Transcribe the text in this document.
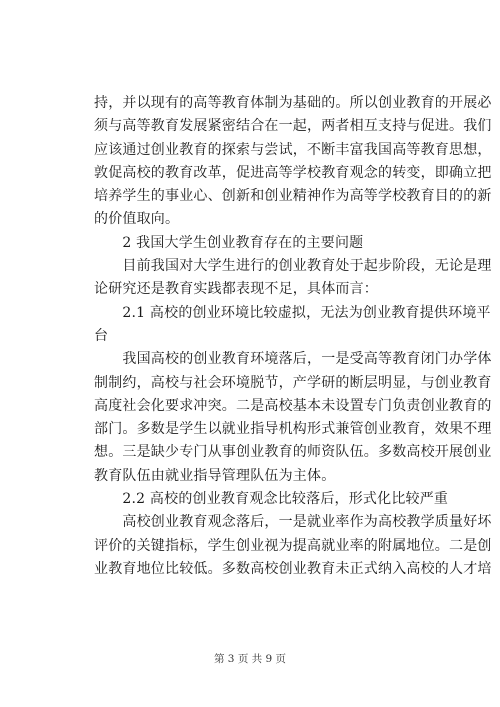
持，并以现有的高等教育体制为基础的。所以创业教育的开展必
须与高等教育发展紧密结合在一起，两者相互支持与促进。我们
应该通过创业教育的探索与尝试，不断丰富我国高等教育思想，
敦促高校的教育改革，促进高等学校教育观念的转变，即确立把
培养学生的事业心、创新和创业精神作为高等学校教育目的的新
的价值取向。
　　2 我国大学生创业教育存在的主要问题
　　目前我国对大学生进行的创业教育处于起步阶段，无论是理
论研究还是教育实践都表现不足，具体而言：
　　2.1 高校的创业环境比较虚拟，无法为创业教育提供环境平
台
　　我国高校的创业教育环境落后，一是受高等教育闭门办学体
制制约，高校与社会环境脱节，产学研的断层明显，与创业教育
高度社会化要求冲突。二是高校基本未设置专门负责创业教育的
部门。多数是学生以就业指导机构形式兼管创业教育，效果不理
想。三是缺少专门从事创业教育的师资队伍。多数高校开展创业
教育队伍由就业指导管理队伍为主体。
　　2.2 高校的创业教育观念比较落后，形式化比较严重
　　高校创业教育观念落后，一是就业率作为高校教学质量好坏
评价的关键指标，学生创业视为提高就业率的附属地位。二是创
业教育地位比较低。多数高校创业教育未正式纳入高校的人才培
第 3 页 共 9 页
